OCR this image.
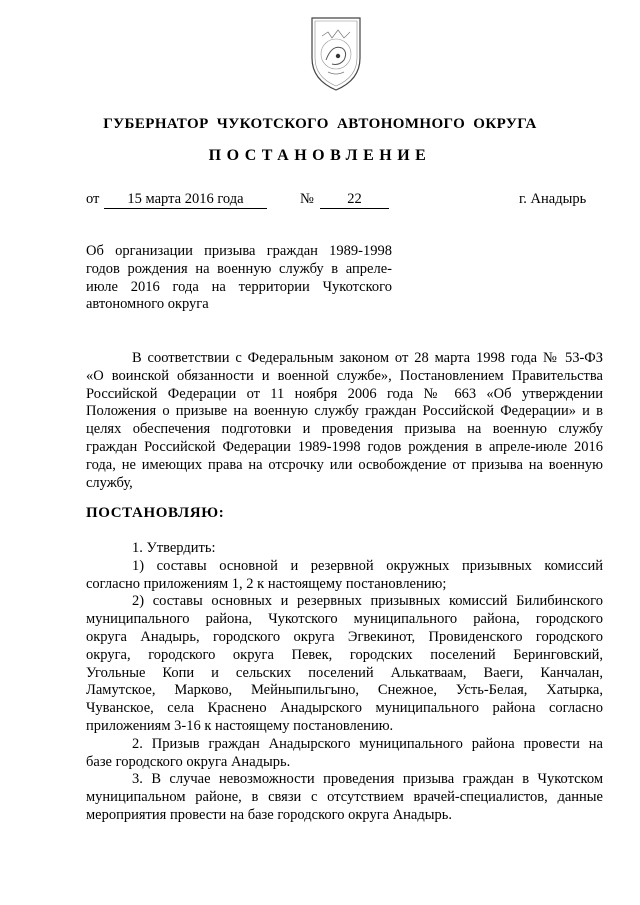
ГУБЕРНАТОР ЧУКОТСКОГО АВТОНОМНОГО ОКРУГА
ПОСТАНОВЛЕНИЕ
от	15 марта 2016 года	№	22	г. Анадырь
Об организации призыва граждан 1989-1998
годов рождения на военную службу в апреле-
июле 2016 года на территории Чукотского
автономного округа
В соответствии с Федеральным законом от 28 марта 1998 года № 53-ФЗ
«О воинской обязанности и военной службе», Постановлением Правительства
Российской Федерации от 11 ноября 2006 года № 663 «Об утверждении
Положения о призыве на военную службу граждан Российской Федерации» и в
целях обеспечения подготовки и проведения призыва на военную службу
граждан Российской Федерации 1989-1998 годов рождения в апреле-июле 2016
года, не имеющих права на отсрочку или освобождение от призыва на военную
службу,
ПОСТАНОВЛЯЮ:
1. Утвердить:
1) составы основной и резервной окружных призывных комиссий
согласно приложениям 1, 2 к настоящему постановлению;
2) составы основных и резервных призывных комиссий Билибинского
муниципального района, Чукотского муниципального района, городского
округа Анадырь, городского округа Эгвекинот, Провиденского городского
округа, городского округа Певек, городских поселений Беринговский,
Угольные Копи и сельских поселений Алькатваам, Ваеги, Канчалан,
Ламутское, Марково, Мейныпильгыно, Снежное, Усть-Белая, Хатырка,
Чуванское, села Краснено Анадырского муниципального района согласно
приложениям 3-16 к настоящему постановлению.
2. Призыв граждан Анадырского муниципального района провести на
базе городского округа Анадырь.
3. В случае невозможности проведения призыва граждан в Чукотском
муниципальном районе, в связи с отсутствием врачей-специалистов, данные
мероприятия провести на базе городского округа Анадырь.
